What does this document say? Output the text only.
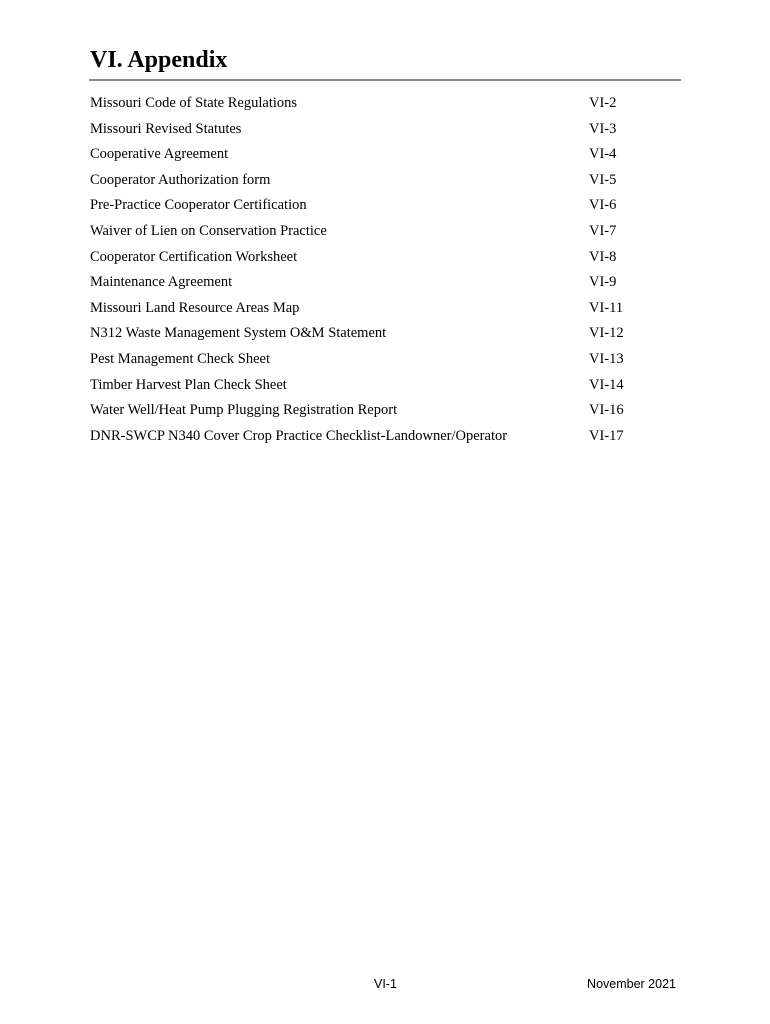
VI. Appendix
Missouri Code of State Regulations	VI-2
Missouri Revised Statutes	VI-3
Cooperative Agreement	VI-4
Cooperator Authorization form	VI-5
Pre-Practice Cooperator Certification	VI-6
Waiver of Lien on Conservation Practice	VI-7
Cooperator Certification Worksheet	VI-8
Maintenance Agreement	VI-9
Missouri Land Resource Areas Map	VI-11
N312 Waste Management System O&M Statement	VI-12
Pest Management Check Sheet	VI-13
Timber Harvest Plan Check Sheet	VI-14
Water Well/Heat Pump Plugging Registration Report	VI-16
DNR-SWCP N340 Cover Crop Practice Checklist-Landowner/Operator	VI-17
VI-1	November 2021
